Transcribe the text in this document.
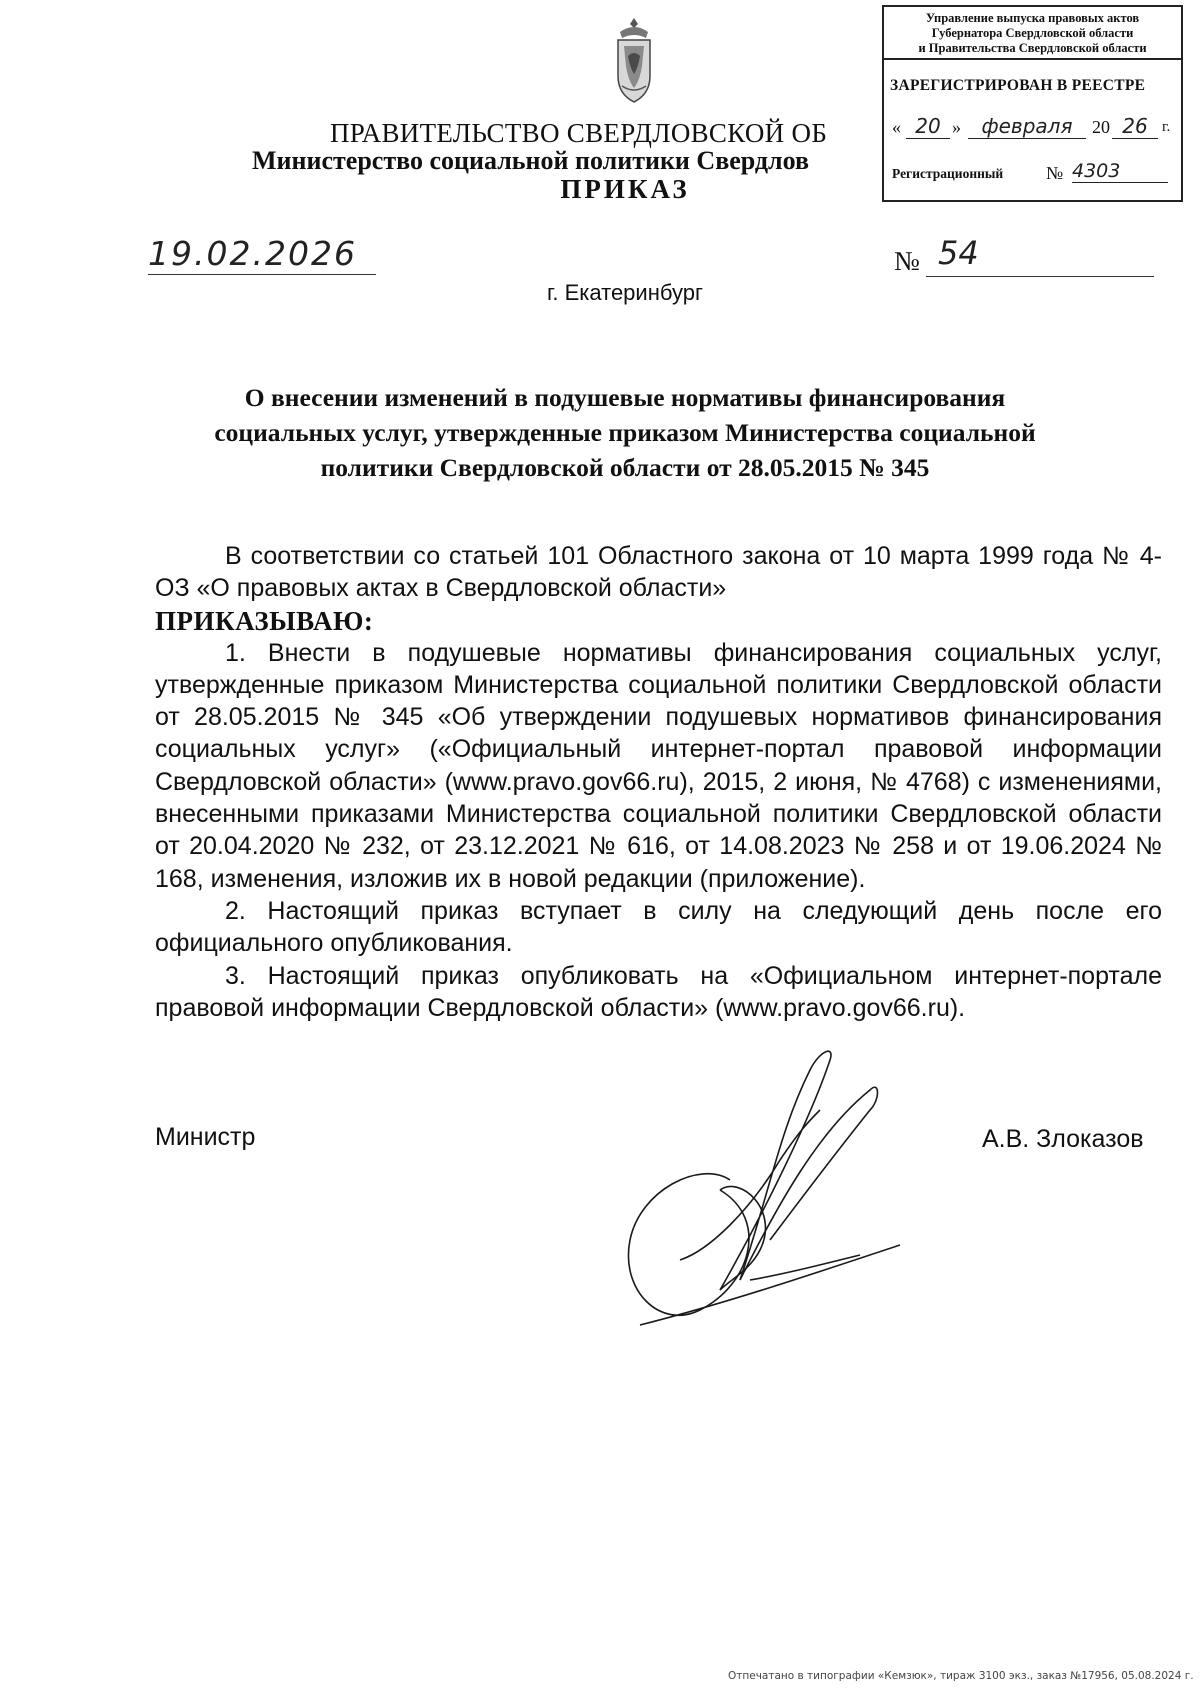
ПРАВИТЕЛЬСТВО СВЕРДЛОВСКОЙ ОБ
Министерство социальной политики Свердлов
ПРИКАЗ
Управление выпуска правовых актов
Губернатора Свердловской области
и Правительства Свердловской области
ЗАРЕГИСТРИРОВАН В РЕЕСТРЕ
« 20 »	февраля	20 26 г.
Регистрационный № 4303
19.02.2026	№ 54
г. Екатеринбург
О внесении изменений в подушевые нормативы финансирования
социальных услуг, утвержденные приказом Министерства социальной
политики Свердловской области от 28.05.2015 № 345

В соответствии со статьей 101 Областного закона от 10 марта 1999 года № 4-ОЗ «О правовых актах в Свердловской области»

ПРИКАЗЫВАЮ:

1. Внести в подушевые нормативы финансирования социальных услуг, утвержденные приказом Министерства социальной политики Свердловской области от 28.05.2015 № 345 «Об утверждении подушевых нормативов финансирования социальных услуг» («Официальный интернет-портал правовой информации Свердловской области» (www.pravo.gov66.ru), 2015, 2 июня, № 4768) с изменениями, внесенными приказами Министерства социальной политики Свердловской области от 20.04.2020 № 232, от 23.12.2021 № 616, от 14.08.2023 № 258 и от 19.06.2024 № 168, изменения, изложив их в новой редакции (приложение).

2. Настоящий приказ вступает в силу на следующий день после его официального опубликования.

3. Настоящий приказ опубликовать на «Официальном интернет-портале правовой информации Свердловской области» (www.pravo.gov66.ru).

Министр	А.В. Злоказов
Отпечатано в типографии «Кемзюк», тираж 3100 экз., заказ №17956, 05.08.2024 г.
